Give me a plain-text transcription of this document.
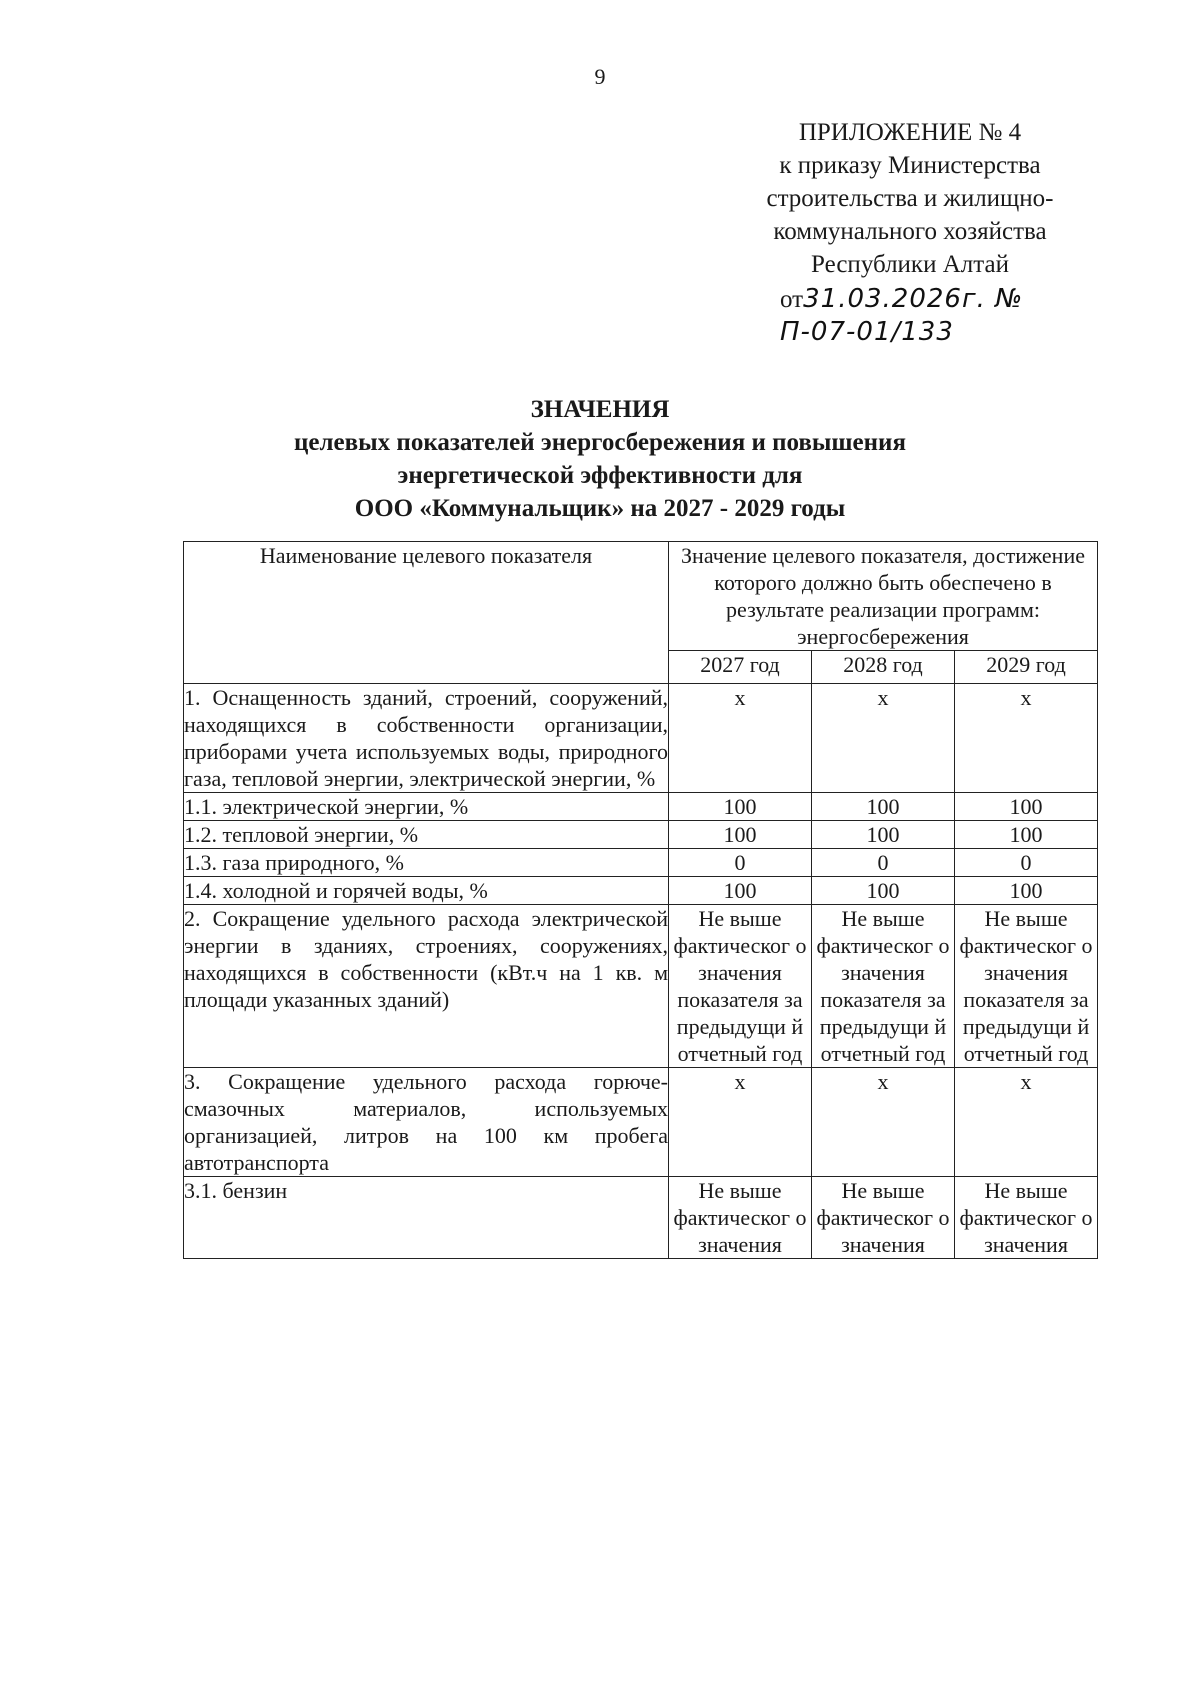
9
ПРИЛОЖЕНИЕ № 4
к приказу Министерства
строительства и жилищно-
коммунального хозяйства
Республики Алтай
от31.03.2026г. № П-07-01/133
ЗНАЧЕНИЯ
целевых показателей энергосбережения и повышения
энергетической эффективности для
ООО «Коммунальщик» на 2027 - 2029 годы
Наименование целевого показателя	Значение целевого показателя, достижение которого должно быть обеспечено в результате реализации программ: энергосбережения		
	2027 год	2028 год	2029 год
1. Оснащенность зданий, строений, сооружений, находящихся в собственности организации, приборами учета используемых воды, природного газа, тепловой энергии, электрической энергии, %	х	х	х
1.1. электрической энергии, %	100	100	100
1.2. тепловой энергии, %	100	100	100
1.3. газа природного, %	0	0	0
1.4. холодной и горячей воды, %	100	100	100
2. Сокращение удельного расхода электрической энергии в зданиях, строениях, сооружениях, находящихся в собственности (кВт.ч на 1 кв. м площади указанных зданий)	Не выше фактическог о значения показателя за предыдущи й отчетный год	Не выше фактическог о значения показателя за предыдущи й отчетный год	Не выше фактическог о значения показателя за предыдущи й отчетный год
3. Сокращение удельного расхода горюче-смазочных материалов, используемых организацией, литров на 100 км пробега автотранспорта	х	х	х
3.1. бензин	Не выше фактическог о значения	Не выше фактическог о значения	Не выше фактическог о значения
